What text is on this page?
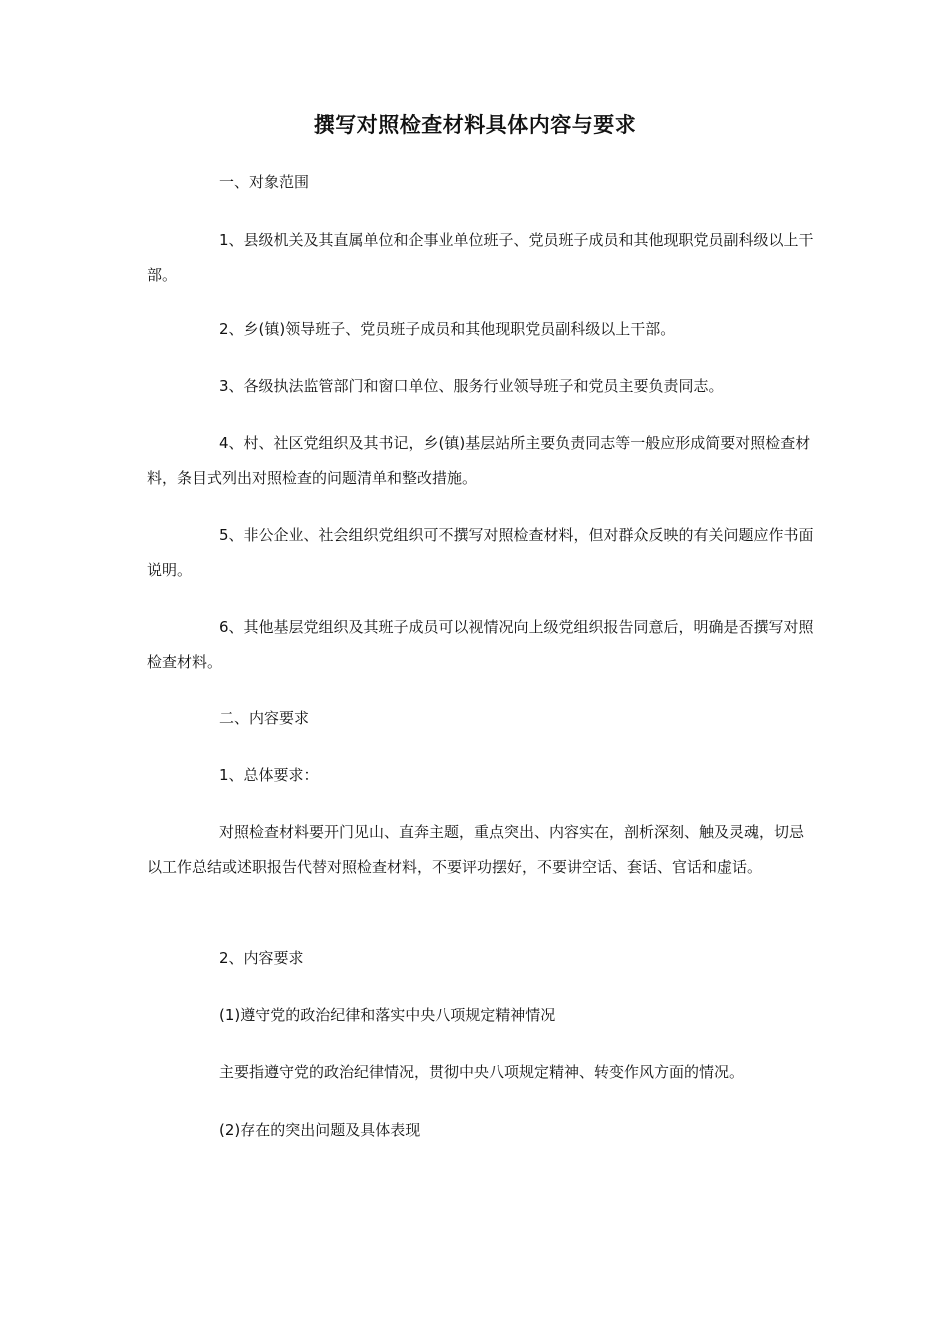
撰写对照检查材料具体内容与要求
一、对象范围
1、县级机关及其直属单位和企事业单位班子、党员班子成员和其他现职党员副科级以上干部。
2、乡(镇)领导班子、党员班子成员和其他现职党员副科级以上干部。
3、各级执法监管部门和窗口单位、服务行业领导班子和党员主要负责同志。
4、村、社区党组织及其书记，乡(镇)基层站所主要负责同志等一般应形成简要对照检查材料，条目式列出对照检查的问题清单和整改措施。
5、非公企业、社会组织党组织可不撰写对照检查材料，但对群众反映的有关问题应作书面说明。
6、其他基层党组织及其班子成员可以视情况向上级党组织报告同意后，明确是否撰写对照检查材料。
二、内容要求
1、总体要求：
对照检查材料要开门见山、直奔主题，重点突出、内容实在，剖析深刻、触及灵魂，切忌以工作总结或述职报告代替对照检查材料，不要评功摆好，不要讲空话、套话、官话和虚话。
2、内容要求
(1)遵守党的政治纪律和落实中央八项规定精神情况
主要指遵守党的政治纪律情况，贯彻中央八项规定精神、转变作风方面的情况。
(2)存在的突出问题及具体表现
